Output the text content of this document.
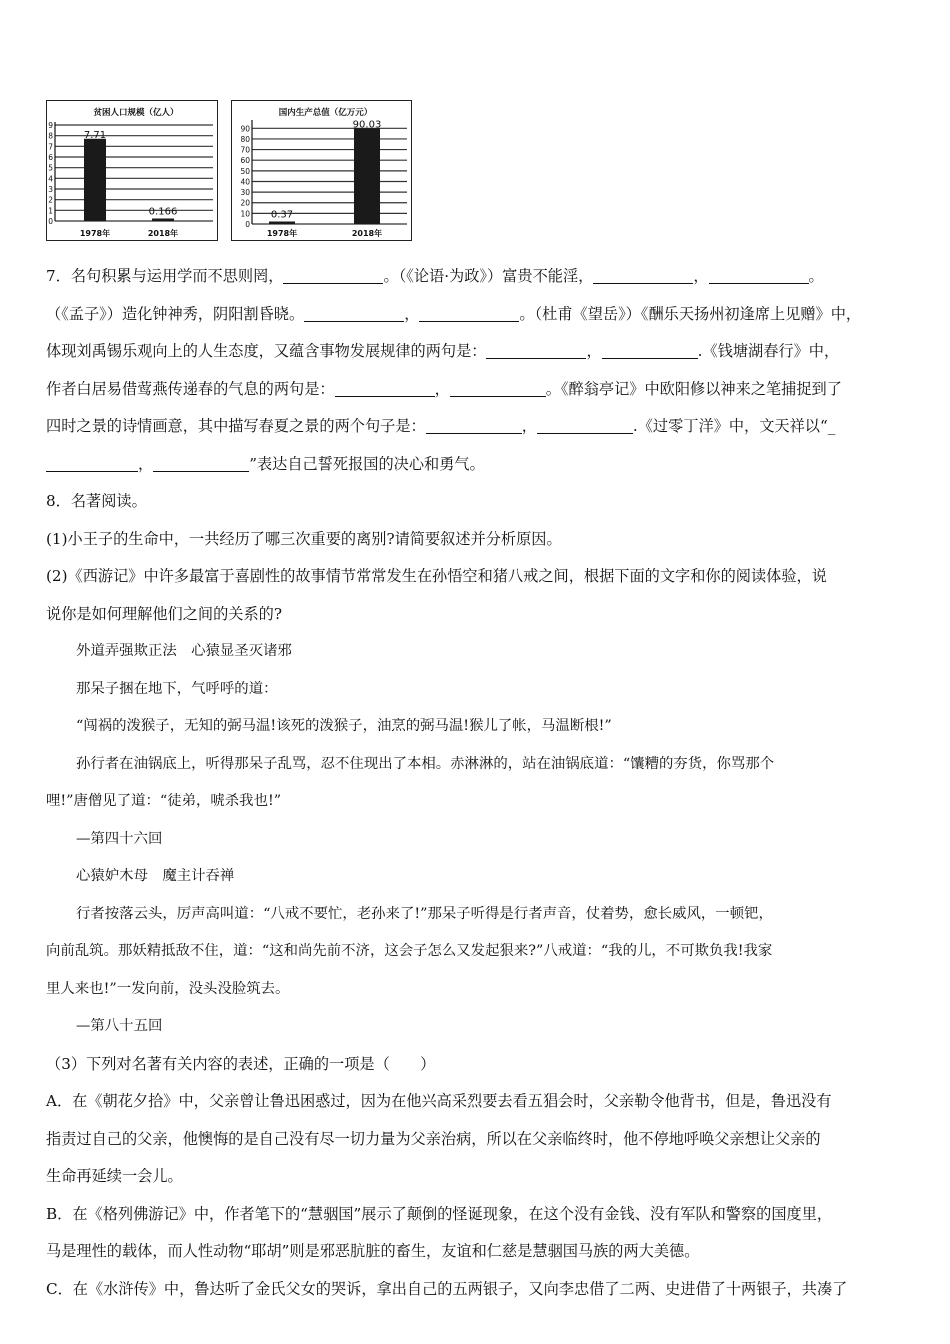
贫困人口规模（亿人）
0
1
2
3
4
5
6
7
8
9
7.71
1978年
0.166
2018年
国内生产总值（亿万元）
0
10
20
30
40
50
60
70
80
90
0.37
1978年
90.03
2018年

7．名句积累与运用学而不思则罔，	。（《论语·为政》）富贵不能淫，	，	。

（《孟子》）造化钟神秀，阴阳割昏晓。	，	。（杜甫《望岳》）《酬乐天扬州初逢席上见赠》中，

体现刘禹锡乐观向上的人生态度，又蕴含事物发展规律的两句是：	，	.《钱塘湖春行》中，

作者白居易借莺燕传递春的气息的两句是：	，	。《醉翁亭记》中欧阳修以神来之笔捕捉到了

四时之景的诗情画意，其中描写春夏之景的两个句子是：	，	.《过零丁洋》中，文天祥以“_

，	”表达自己誓死报国的决心和勇气。

8．名著阅读。

(1)小王子的生命中，一共经历了哪三次重要的离别?请简要叙述并分析原因。

(2)《西游记》中许多最富于喜剧性的故事情节常常发生在孙悟空和猪八戒之间，根据下面的文字和你的阅读体验，说

说你是如何理解他们之间的关系的?

外道弄强欺正法　心猿显圣灭诸邪

那呆子捆在地下，气呼呼的道：

“闯祸的泼猴子，无知的弼马温!该死的泼猴子，油烹的弼马温!猴儿了帐，马温断根!”

孙行者在油锅底上，听得那呆子乱骂，忍不住现出了本相。赤淋淋的，站在油锅底道：“馕糟的夯货，你骂那个

哩!”唐僧见了道：“徒弟，唬杀我也!”

—第四十六回

心猿妒木母　魔主计吞禅

行者按落云头，厉声高叫道：“八戒不要忙，老孙来了!”那呆子听得是行者声音，仗着势，愈长威风，一顿钯，

向前乱筑。那妖精抵敌不住，道：“这和尚先前不济，这会子怎么又发起狠来?”八戒道：“我的儿，不可欺负我!我家

里人来也!”一发向前，没头没脸筑去。

—第八十五回

（3）下列对名著有关内容的表述，正确的一项是（　　）

A．在《朝花夕拾》中，父亲曾让鲁迅困惑过，因为在他兴高采烈要去看五猖会时，父亲勒令他背书，但是，鲁迅没有

指责过自己的父亲，他懊悔的是自己没有尽一切力量为父亲治病，所以在父亲临终时，他不停地呼唤父亲想让父亲的

生命再延续一会儿。

B．在《格列佛游记》中，作者笔下的“慧骃国”展示了颠倒的怪诞现象，在这个没有金钱、没有军队和警察的国度里，

马是理性的载体，而人性动物“耶胡”则是邪恶肮脏的畜生，友谊和仁慈是慧骃国马族的两大美德。

C．在《水浒传》中，鲁达听了金氏父女的哭诉，拿出自己的五两银子，又向李忠借了二两、史进借了十两银子，共凑了
